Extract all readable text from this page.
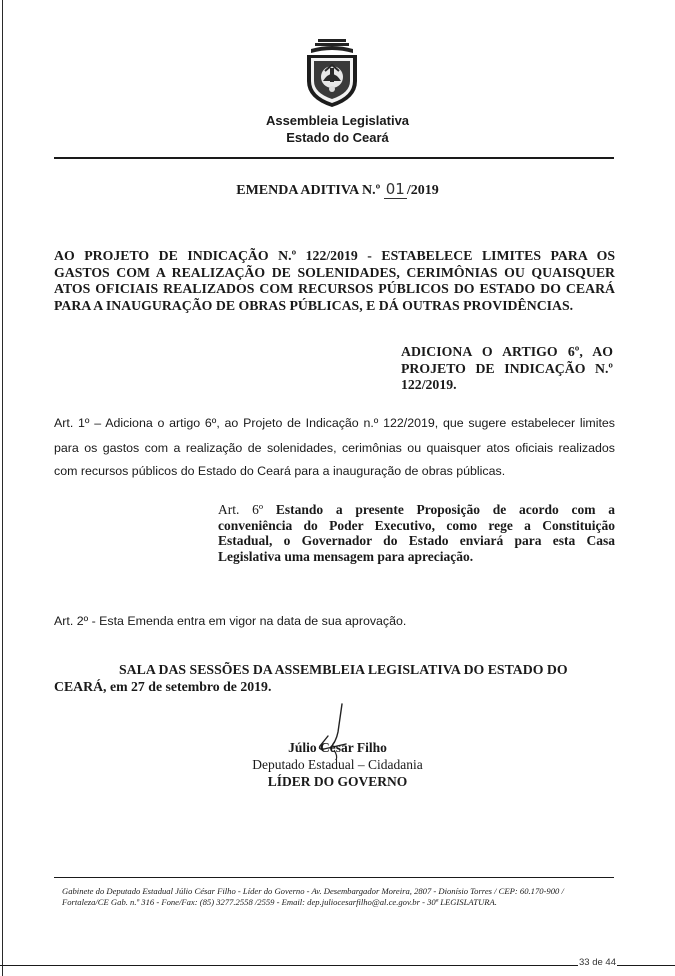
Assembleia Legislativa
Estado do Ceará
EMENDA ADITIVA N.º 01 /2019
AO PROJETO DE INDICAÇÃO N.º 122/2019 - ESTABELECE LIMITES PARA OS
GASTOS COM A REALIZAÇÃO DE SOLENIDADES, CERIMÔNIAS OU QUAISQUER
ATOS OFICIAIS REALIZADOS COM RECURSOS PÚBLICOS DO ESTADO DO CEARÁ
PARA A INAUGURAÇÃO DE OBRAS PÚBLICAS, E DÁ OUTRAS PROVIDÊNCIAS.
ADICIONA O ARTIGO 6º, AO PROJETO DE INDICAÇÃO N.º 122/2019.
Art. 1º – Adiciona o artigo 6º, ao Projeto de Indicação n.º 122/2019, que sugere estabelecer limites
para os gastos com a realização de solenidades, cerimônias ou quaisquer atos oficiais realizados
com recursos públicos do Estado do Ceará para a inauguração de obras públicas.
Art. 6º Estando a presente Proposição de acordo com a
conveniência do Poder Executivo, como rege a Constituição
Estadual, o Governador do Estado enviará para esta Casa
Legislativa uma mensagem para apreciação.
Art. 2º - Esta Emenda entra em vigor na data de sua aprovação.
SALA DAS SESSÕES DA ASSEMBLEIA LEGISLATIVA DO ESTADO DO
CEARÁ, em 27 de setembro de 2019.
Júlio César Filho
Deputado Estadual – Cidadania
LÍDER DO GOVERNO
Gabinete do Deputado Estadual Júlio César Filho - Líder do Governo - Av. Desembargador Moreira, 2807 - Dionísio Torres / CEP: 60.170-900 /
Fortaleza/CE Gab. n.º 316 - Fone/Fax: (85) 3277.2558 /2559 - Email: dep.juliocesarfilho@al.ce.gov.br - 30ª LEGISLATURA.
33 de 44
